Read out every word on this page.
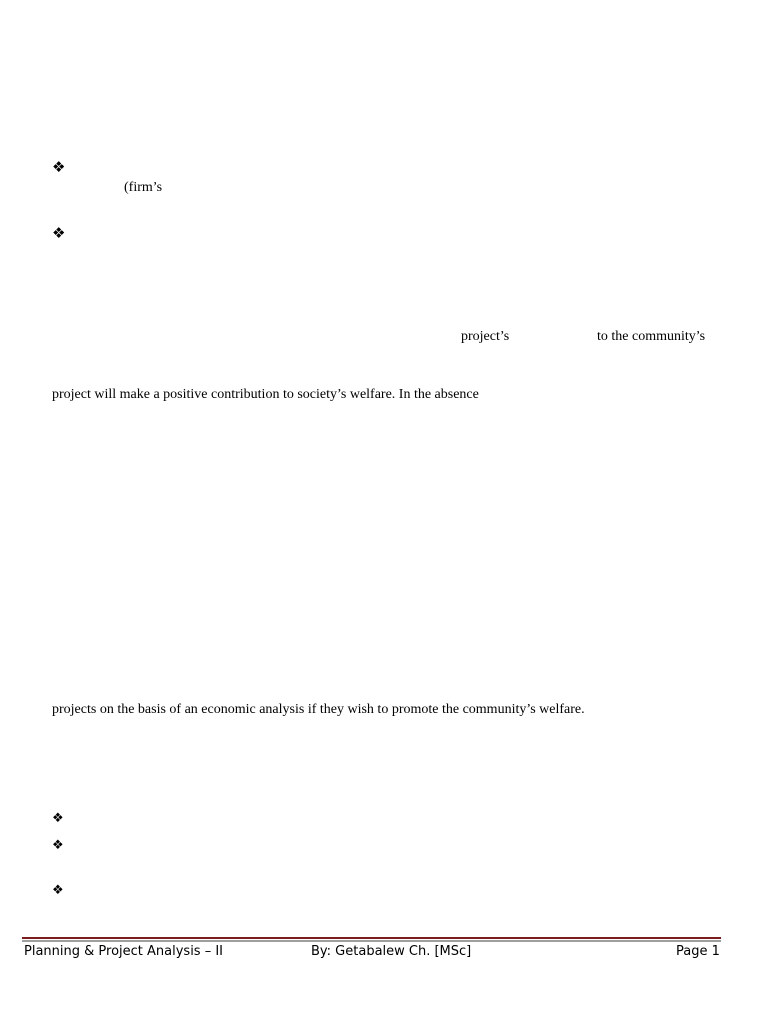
❖
(firm’s
❖
project’s	to the community’s
project will make a positive contribution to society’s welfare. In the absence
projects on the basis of an economic analysis if they wish to promote the community’s welfare.
❖
❖
❖
Planning & Project Analysis – II	By: Getabalew Ch. [MSc]	Page 1
